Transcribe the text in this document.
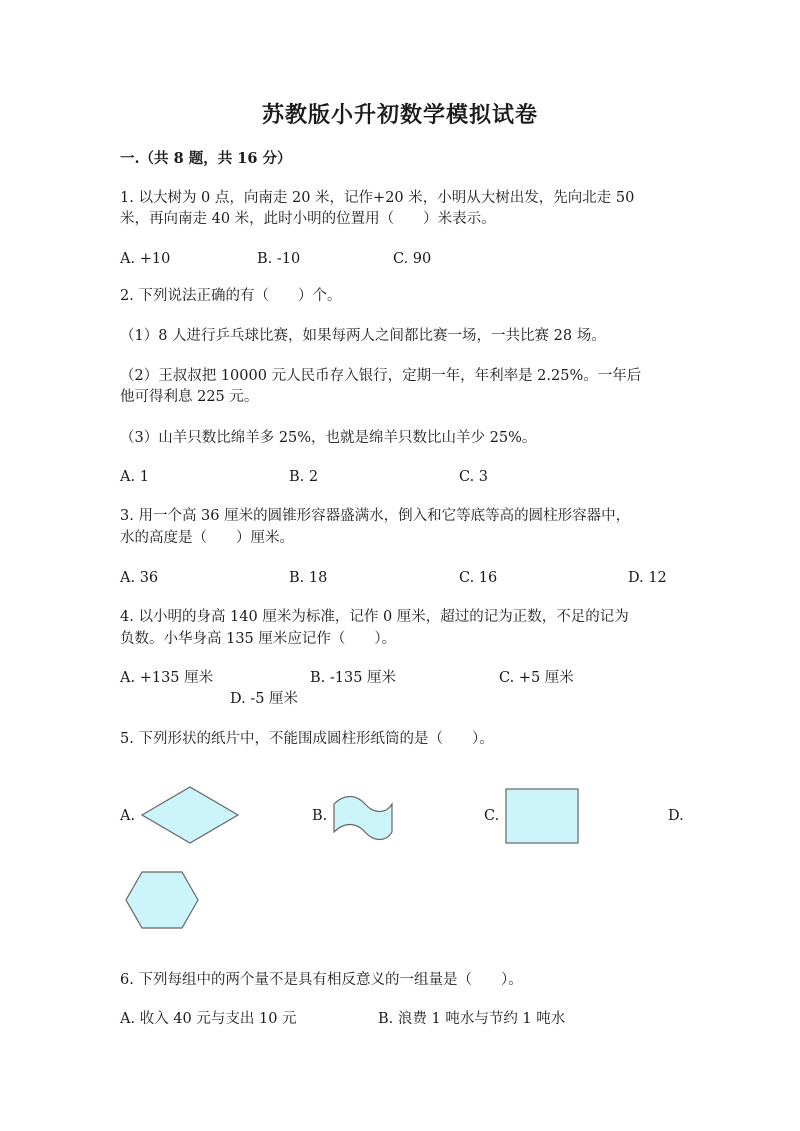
苏教版小升初数学模拟试卷
一.（共 8 题，共 16 分）
1. 以大树为 0 点，向南走 20 米，记作+20 米，小明从大树出发，先向北走 50
米，再向南走 40 米，此时小明的位置用（　　）米表示。
A. +10	B. -10	C. 90
2. 下列说法正确的有（　　）个。
（1）8 人进行乒乓球比赛，如果每两人之间都比赛一场，一共比赛 28 场。
（2）王叔叔把 10000 元人民币存入银行，定期一年，年利率是 2.25%。一年后
他可得利息 225 元。
（3）山羊只数比绵羊多 25%，也就是绵羊只数比山羊少 25%。
A. 1	B. 2	C. 3
3. 用一个高 36 厘米的圆锥形容器盛满水，倒入和它等底等高的圆柱形容器中，
水的高度是（　　）厘米。
A. 36	B. 18	C. 16	D. 12
4. 以小明的身高 140 厘米为标准，记作 0 厘米，超过的记为正数，不足的记为
负数。小华身高 135 厘米应记作（　　）。
A. +135 厘米	B. -135 厘米	C. +5 厘米
D. -5 厘米
5. 下列形状的纸片中，不能围成圆柱形纸筒的是（　　）。
A.	B.	C.	D.
6. 下列每组中的两个量不是具有相反意义的一组量是（　　）。
A. 收入 40 元与支出 10 元	B. 浪费 1 吨水与节约 1 吨水
